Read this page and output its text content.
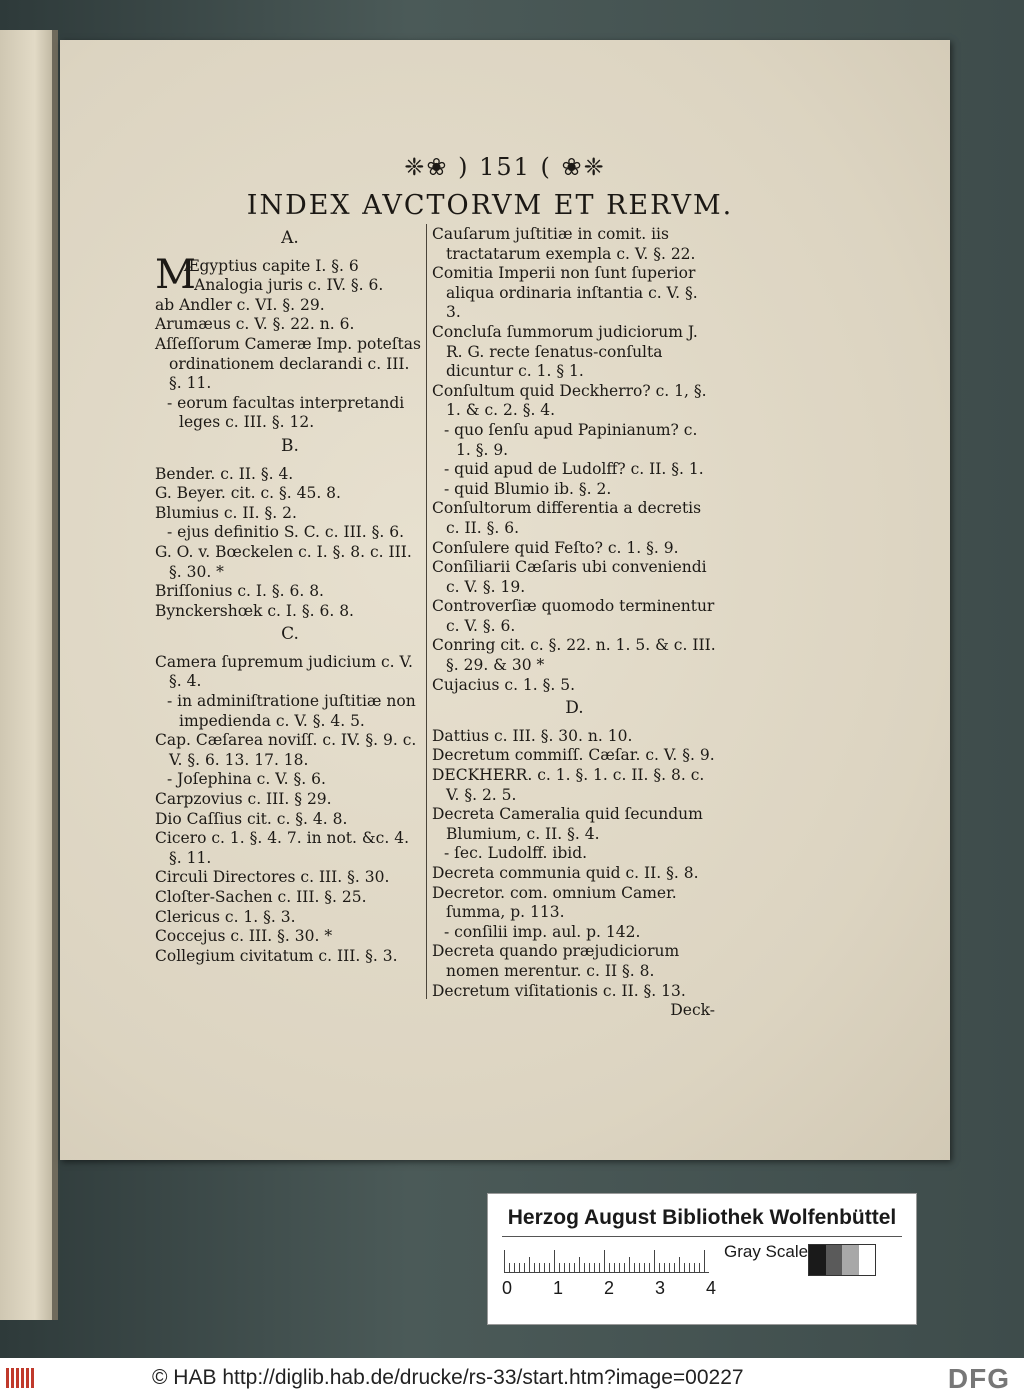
❈❀ ) 151 ( ❀❈
INDEX AVCTORVM ET RERVM.
A.
M
Ægyptius capite I. §. 6
- Analogia juris c. IV. §. 6.
ab Andler c. VI. §. 29.
Arumæus c. V. §. 22. n. 6.
Aſſeſſorum Cameræ Imp. poteſtas ordinationem declarandi c. III. §. 11.
- eorum facultas interpretandi leges c. III. §. 12.
B.
Bender. c. II. §. 4.
G. Beyer. cit. c. §. 45. 8.
Blumius c. II. §. 2.
- ejus definitio S. C. c. III. §. 6.
G. O. v. Bœckelen c. I. §. 8. c. III. §. 30. *
Briſſonius c. I. §. 6. 8.
Bynckershœk c. I. §. 6. 8.
C.
Camera ſupremum judicium c. V. §. 4.
- in adminiſtratione juſtitiæ non impedienda c. V. §. 4. 5.
Cap. Cæſarea noviſſ. c. IV. §. 9. c. V. §. 6. 13. 17. 18.
- Joſephina c. V. §. 6.
Carpzovius c. III. § 29.
Dio Caſſius cit. c. §. 4. 8.
Cicero c. 1. §. 4. 7. in not. &c. 4. §. 11.
Circuli Directores c. III. §. 30.
Cloſter-Sachen c. III. §. 25.
Clericus c. 1. §. 3.
Coccejus c. III. §. 30. *
Collegium civitatum c. III. §. 3.
Cauſarum juſtitiæ in comit. iis tractatarum exempla c. V. §. 22.
Comitia Imperii non ſunt ſuperior aliqua ordinaria inſtantia c. V. §. 3.
Concluſa ſummorum judiciorum J. R. G. recte ſenatus-conſulta dicuntur c. 1. § 1.
Conſultum quid Deckherro? c. 1, §. 1. & c. 2. §. 4.
- quo ſenſu apud Papinianum? c. 1. §. 9.
- quid apud de Ludolff? c. II. §. 1.
- quid Blumio ib. §. 2.
Conſultorum differentia a decretis c. II. §. 6.
Conſulere quid Feſto? c. 1. §. 9.
Conſiliarii Cæſaris ubi conveniendi c. V. §. 19.
Controverſiæ quomodo terminentur c. V. §. 6.
Conring cit. c. §. 22. n. 1. 5. & c. III. §. 29. & 30 *
Cujacius c. 1. §. 5.
D.
Dattius c. III. §. 30. n. 10.
Decretum commiſſ. Cæſar. c. V. §. 9.
DECKHERR. c. 1. §. 1. c. II. §. 8. c. V. §. 2. 5.
Decreta Cameralia quid ſecundum Blumium, c. II. §. 4.
- ſec. Ludolff. ibid.
Decreta communia quid c. II. §. 8.
Decretor. com. omnium Camer. ſumma, p. 113.
- conſilii imp. aul. p. 142.
Decreta quando præjudiciorum nomen merentur. c. II §. 8.
Decretum viſitationis c. II. §. 13.
Deck-
Herzog August Bibliothek Wolfenbüttel
0 1 2 3 4
Gray Scale
© HAB http://diglib.hab.de/drucke/rs-33/start.htm?image=00227	DFG
